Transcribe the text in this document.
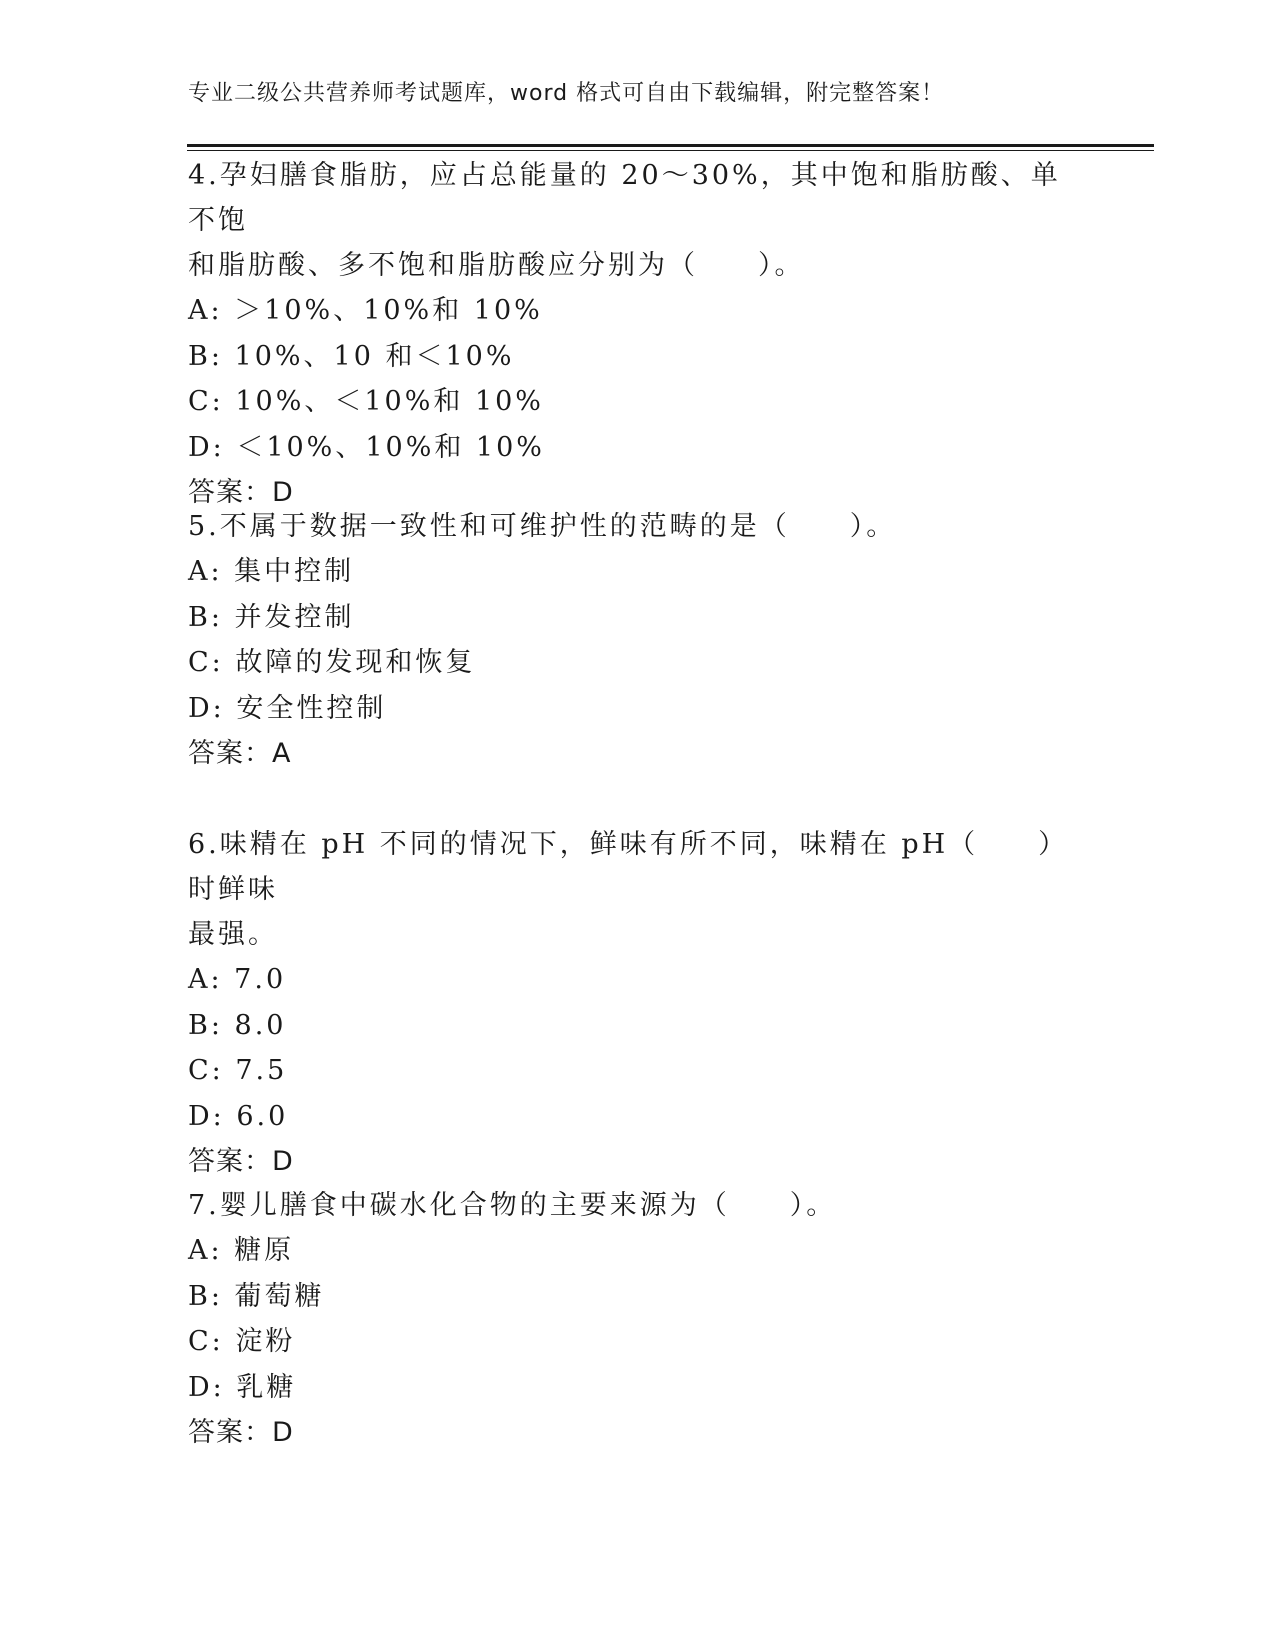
专业二级公共营养师考试题库，word 格式可自由下载编辑，附完整答案！

4.孕妇膳食脂肪，应占总能量的 20～30%，其中饱和脂肪酸、单不饱

和脂肪酸、多不饱和脂肪酸应分别为（　　）。

A: ＞10%、10%和 10%

B: 10%、10 和＜10%

C: 10%、＜10%和 10%

D: ＜10%、10%和 10%

答案：D

5.不属于数据一致性和可维护性的范畴的是（　　）。

A: 集中控制

B: 并发控制

C: 故障的发现和恢复

D: 安全性控制

答案：A

6.味精在 pH 不同的情况下，鲜味有所不同，味精在 pH（　　）时鲜味

最强。

A: 7.0

B: 8.0

C: 7.5

D: 6.0

答案：D

7.婴儿膳食中碳水化合物的主要来源为（　　）。

A: 糖原

B: 葡萄糖

C: 淀粉

D: 乳糖

答案：D
